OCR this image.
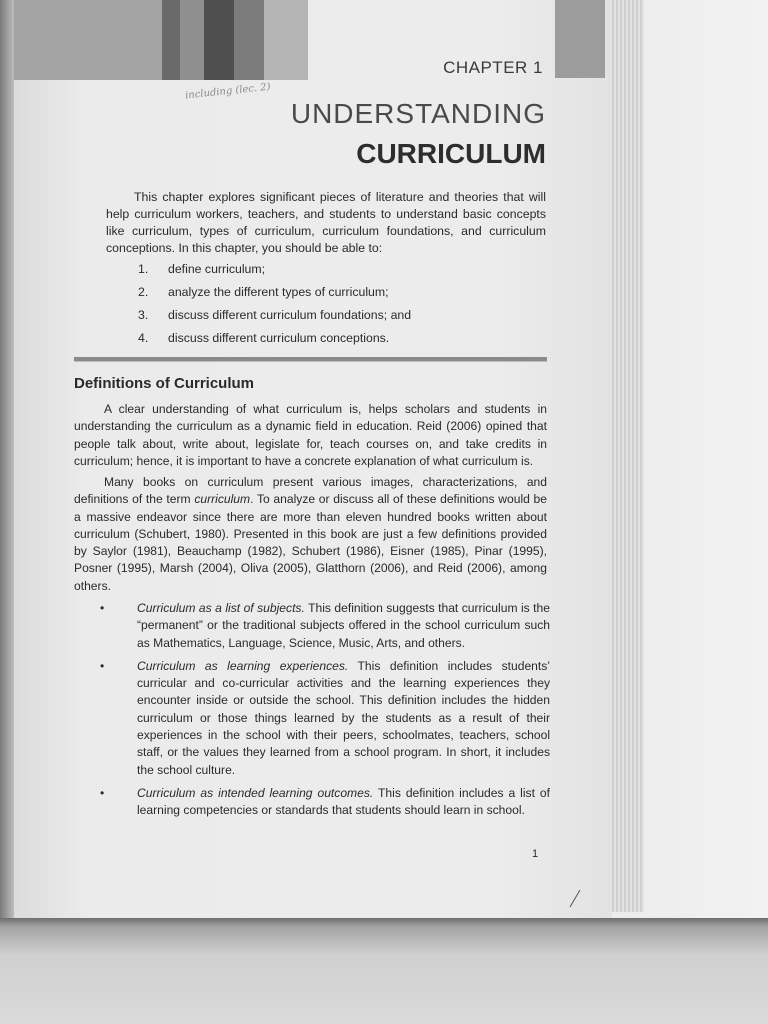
including (lec. 2)
CHAPTER 1
UNDERSTANDING
CURRICULUM

This chapter explores significant pieces of literature and theories that will help curriculum workers, teachers, and students to understand basic concepts like curriculum, types of curriculum, curriculum foundations, and curriculum conceptions. In this chapter, you should be able to:

1.	define curriculum;
2.	analyze the different types of curriculum;
3.	discuss different curriculum foundations; and
4.	discuss different curriculum conceptions.
Definitions of Curriculum

A clear understanding of what curriculum is, helps scholars and students in understanding the curriculum as a dynamic field in education. Reid (2006) opined that people talk about, write about, legislate for, teach courses on, and take credits in curriculum; hence, it is important to have a concrete explanation of what curriculum is.

Many books on curriculum present various images, characterizations, and definitions of the term curriculum. To analyze or discuss all of these definitions would be a massive endeavor since there are more than eleven hundred books written about curriculum (Schubert, 1980). Presented in this book are just a few definitions provided by Saylor (1981), Beauchamp (1982), Schubert (1986), Eisner (1985), Pinar (1995), Posner (1995), Marsh (2004), Oliva (2005), Glatthorn (2006), and Reid (2006), among others.

•	Curriculum as a list of subjects. This definition suggests that curriculum is the “permanent” or the traditional subjects offered in the school curriculum such as Mathematics, Language, Science, Music, Arts, and others.
•	Curriculum as learning experiences. This definition includes students’ curricular and co-curricular activities and the learning experiences they encounter inside or outside the school. This definition includes the hidden curriculum or those things learned by the students as a result of their experiences in the school with their peers, schoolmates, teachers, school staff, or the values they learned from a school program. In short, it includes the school culture.
•	Curriculum as intended learning outcomes. This definition includes a list of learning competencies or standards that students should learn in school.
1
